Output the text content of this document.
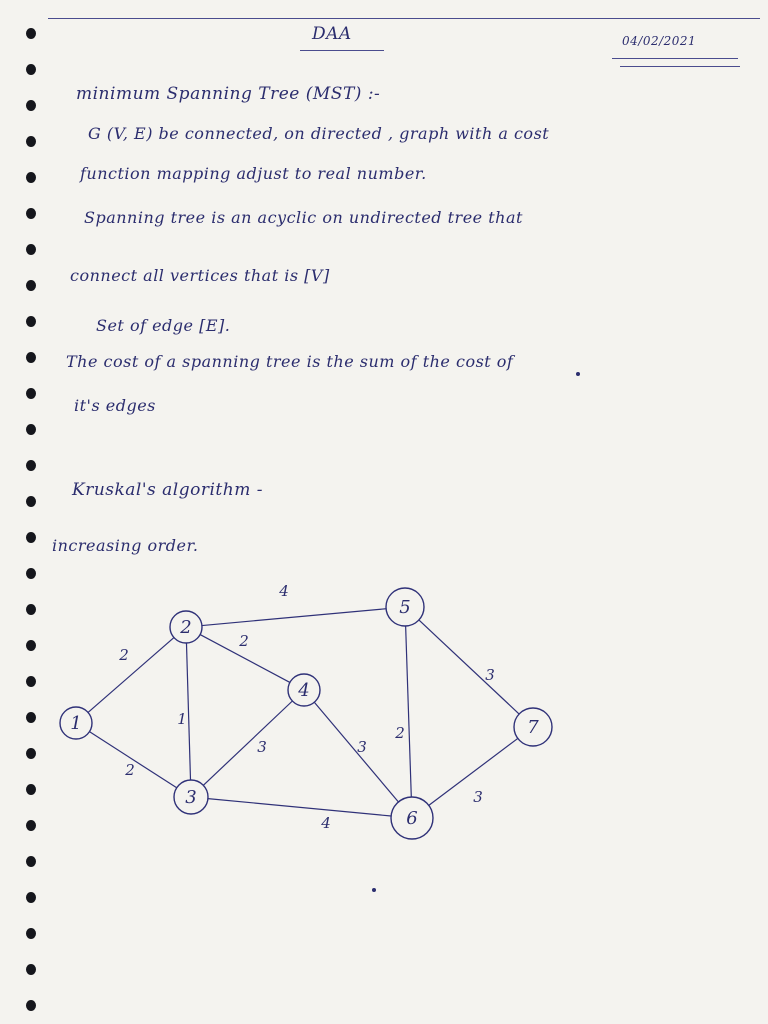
DAA	04/02/2021
minimum Spanning Tree (MST) :-
G (V, E) be connected, on directed , graph with a cost
function mapping adjust to real number.
Spanning tree is an acyclic on undirected tree that
connect all vertices that is [V]
Set of edge [E].
The cost of a spanning tree is the sum of the cost of
it's edges
Kruskal's algorithm -
increasing order.
2
2
1
2
4
3
4
3
2
3
3
1
2
3
4
5
6
7
